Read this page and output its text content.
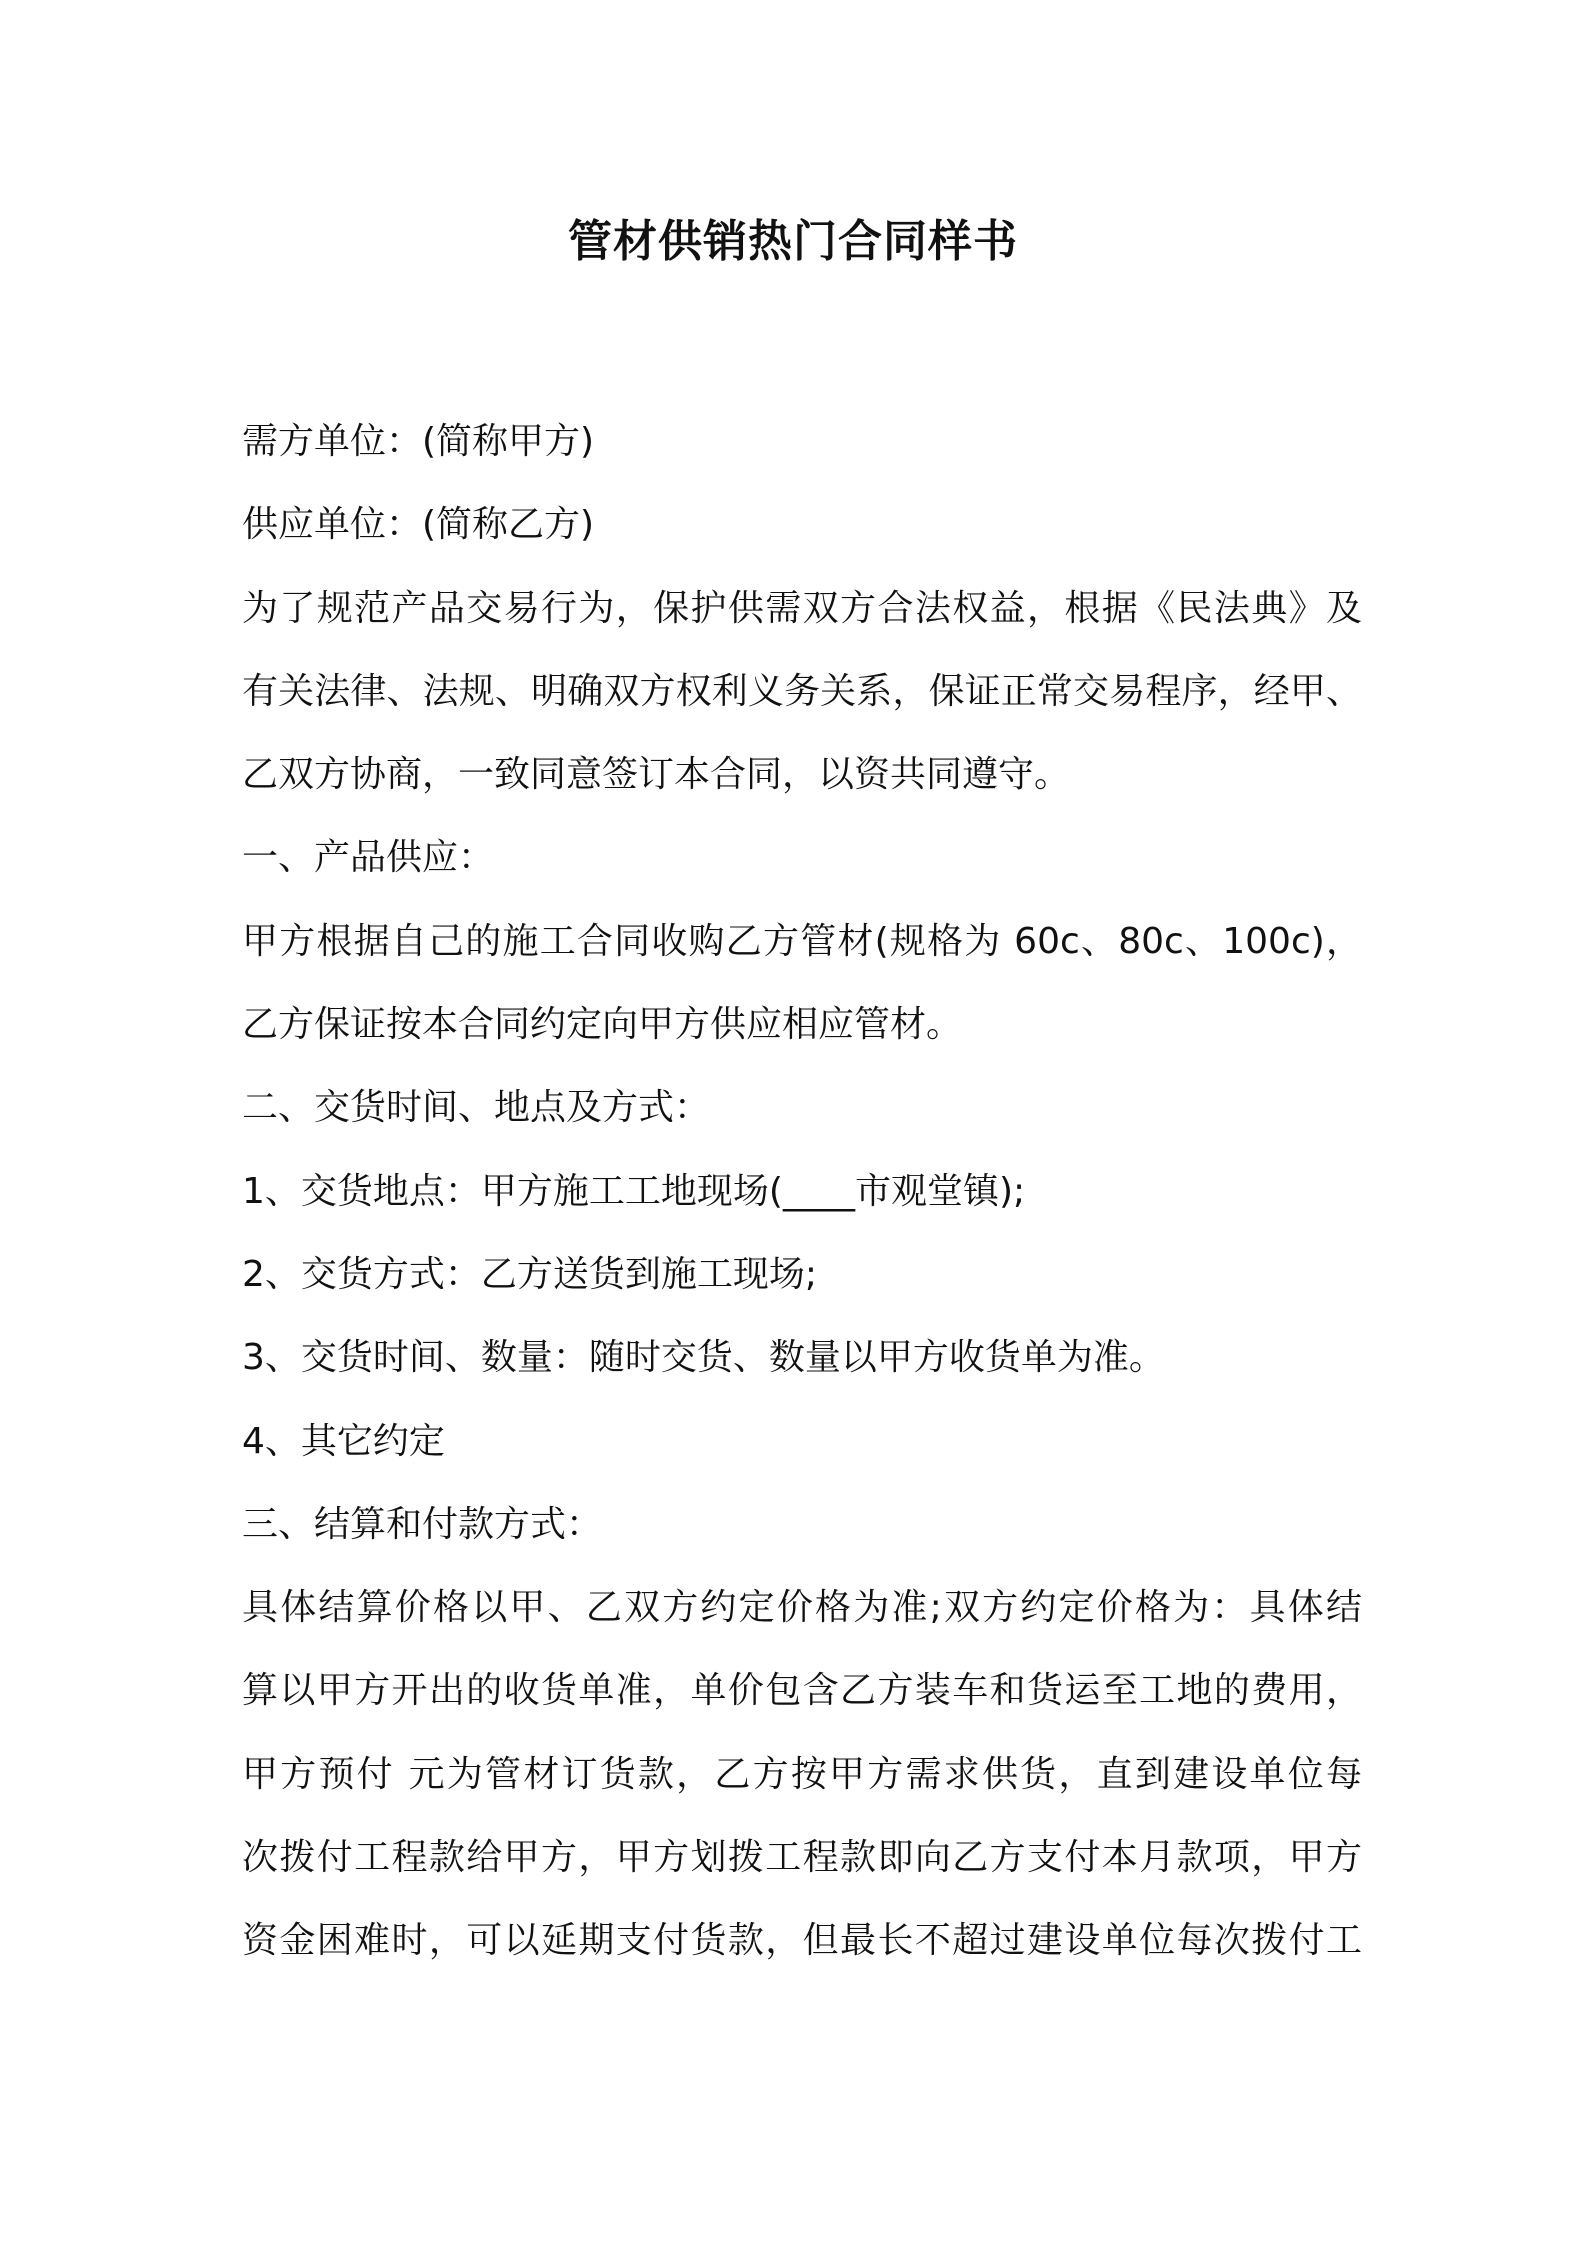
管材供销热门合同样书
需方单位：(简称甲方)
供应单位：(简称乙方)
为了规范产品交易行为，保护供需双方合法权益，根据《民法典》及
有关法律、法规、明确双方权利义务关系，保证正常交易程序，经甲、
乙双方协商，一致同意签订本合同，以资共同遵守。
一、产品供应：
甲方根据自己的施工合同收购乙方管材(规格为 60c、80c、100c)，
乙方保证按本合同约定向甲方供应相应管材。
二、交货时间、地点及方式：
1、交货地点：甲方施工工地现场(____市观堂镇);
2、交货方式：乙方送货到施工现场;
3、交货时间、数量：随时交货、数量以甲方收货单为准。
4、其它约定
三、结算和付款方式：
具体结算价格以甲、乙双方约定价格为准;双方约定价格为：具体结
算以甲方开出的收货单准，单价包含乙方装车和货运至工地的费用，
甲方预付 元为管材订货款，乙方按甲方需求供货，直到建设单位每
次拨付工程款给甲方，甲方划拨工程款即向乙方支付本月款项，甲方
资金困难时，可以延期支付货款，但最长不超过建设单位每次拨付工
